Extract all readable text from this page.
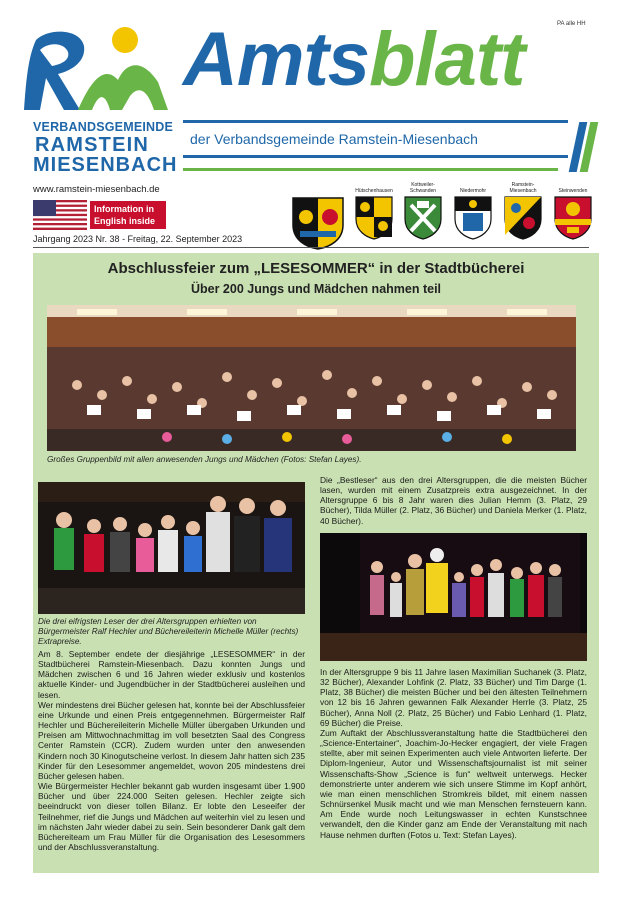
PA alle HH
VERBANDSGEMEINDE
RAMSTEIN
MIESENBACH
www.ramstein-miesenbach.de
Information in English inside
Jahrgang 2023 Nr. 38 - Freitag, 22. September 2023
Amtsblatt
der Verbandsgemeinde Ramstein-Miesenbach
Hütschenhausen
Kottweiler-Schwanden	Niedermohr
Ramstein-Miesenbach	Steinwenden
Abschlussfeier zum „LESESOMMER“ in der Stadtbücherei
Über 200 Jungs und Mädchen nahmen teil
Großes Gruppenbild mit allen anwesenden Jungs und Mädchen (Fotos: Stefan Layes).
Die drei eifrigsten Leser der drei Altersgruppen erhielten von Bürgermeister Ralf Hechler und Büchereileiterin Michelle Müller (rechts) Extrapreise.

Am 8. September endete der diesjährige „LESESOMMER“ in der Stadtbücherei Ramstein-Miesenbach. Dazu konnten Jungs und Mädchen zwischen 6 und 16 Jahren wieder exklusiv und kostenlos aktuelle Kinder- und Jugendbücher in der Stadtbücherei ausleihen und lesen.

Wer mindestens drei Bücher gelesen hat, konnte bei der Abschlussfeier eine Urkunde und einen Preis entgegennehmen. Bürgermeister Ralf Hechler und Büchereileiterin Michelle Müller übergaben Urkunden und Preisen am Mittwochnachmittag im voll besetzten Saal des Congress Center Ramstein (CCR). Zudem wurden unter den anwesenden Kindern noch 30 Kinogutscheine verlost. In diesem Jahr hatten sich 235 Kinder für den Lesesommer angemeldet, wovon 205 mindestens drei Bücher gelesen haben.

Wie Bürgermeister Hechler bekannt gab wurden insgesamt über 1.900 Bücher und über 224.000 Seiten gelesen. Hechler zeigte sich beeindruckt von dieser tollen Bilanz. Er lobte den Leseeifer der Teilnehmer, rief die Jungs und Mädchen auf weiterhin viel zu lesen und im nächsten Jahr wieder dabei zu sein. Sein besonderer Dank galt dem Büchereiteam um Frau Müller für die Organisation des Lesesommers und der Abschlussveranstaltung.

Die „Bestleser“ aus den drei Altersgruppen, die die meisten Bücher lasen, wurden mit einem Zusatzpreis extra ausgezeichnet. In der Altersgruppe 6 bis 8 Jahr waren dies Julian Hemm (3. Platz, 29 Bücher), Tilda Müller (2. Platz, 36 Bücher) und Daniela Merker (1. Platz, 40 Bücher).

In der Altersgruppe 9 bis 11 Jahre lasen Maximilian Suchanek (3. Platz, 32 Bücher), Alexander Lohfink (2. Platz, 33 Bücher) und Tim Darge (1. Platz, 38 Bücher) die meisten Bücher und bei den ältesten Teilnehmern von 12 bis 16 Jahren gewannen Falk Alexander Herrle (3. Platz, 25 Bücher), Anna Noll (2. Platz, 25 Bücher) und Fabio Lenhard (1. Platz, 69 Bücher) die Preise.

Zum Auftakt der Abschlussveranstaltung hatte die Stadtbücherei den „Science-Entertainer“, Joachim-Jo-Hecker engagiert, der viele Fragen stellte, aber mit seinen Experimenten auch viele Antworten lieferte. Der Diplom-Ingenieur, Autor und Wissenschaftsjournalist ist mit seiner Wissenschafts-Show „Science is fun“ weltweit unterwegs. Hecker demonstrierte unter anderem wie sich unsere Stimme im Kopf anhört, wie man einen menschlichen Stromkreis bildet, mit einem nassen Schnürsenkel Musik macht und wie man Menschen fernsteuern kann. Am Ende wurde noch Leitungswasser in echten Kunstschnee verwandelt, den die Kinder ganz am Ende der Veranstaltung mit nach Hause nehmen durften (Fotos u. Text: Stefan Layes).
